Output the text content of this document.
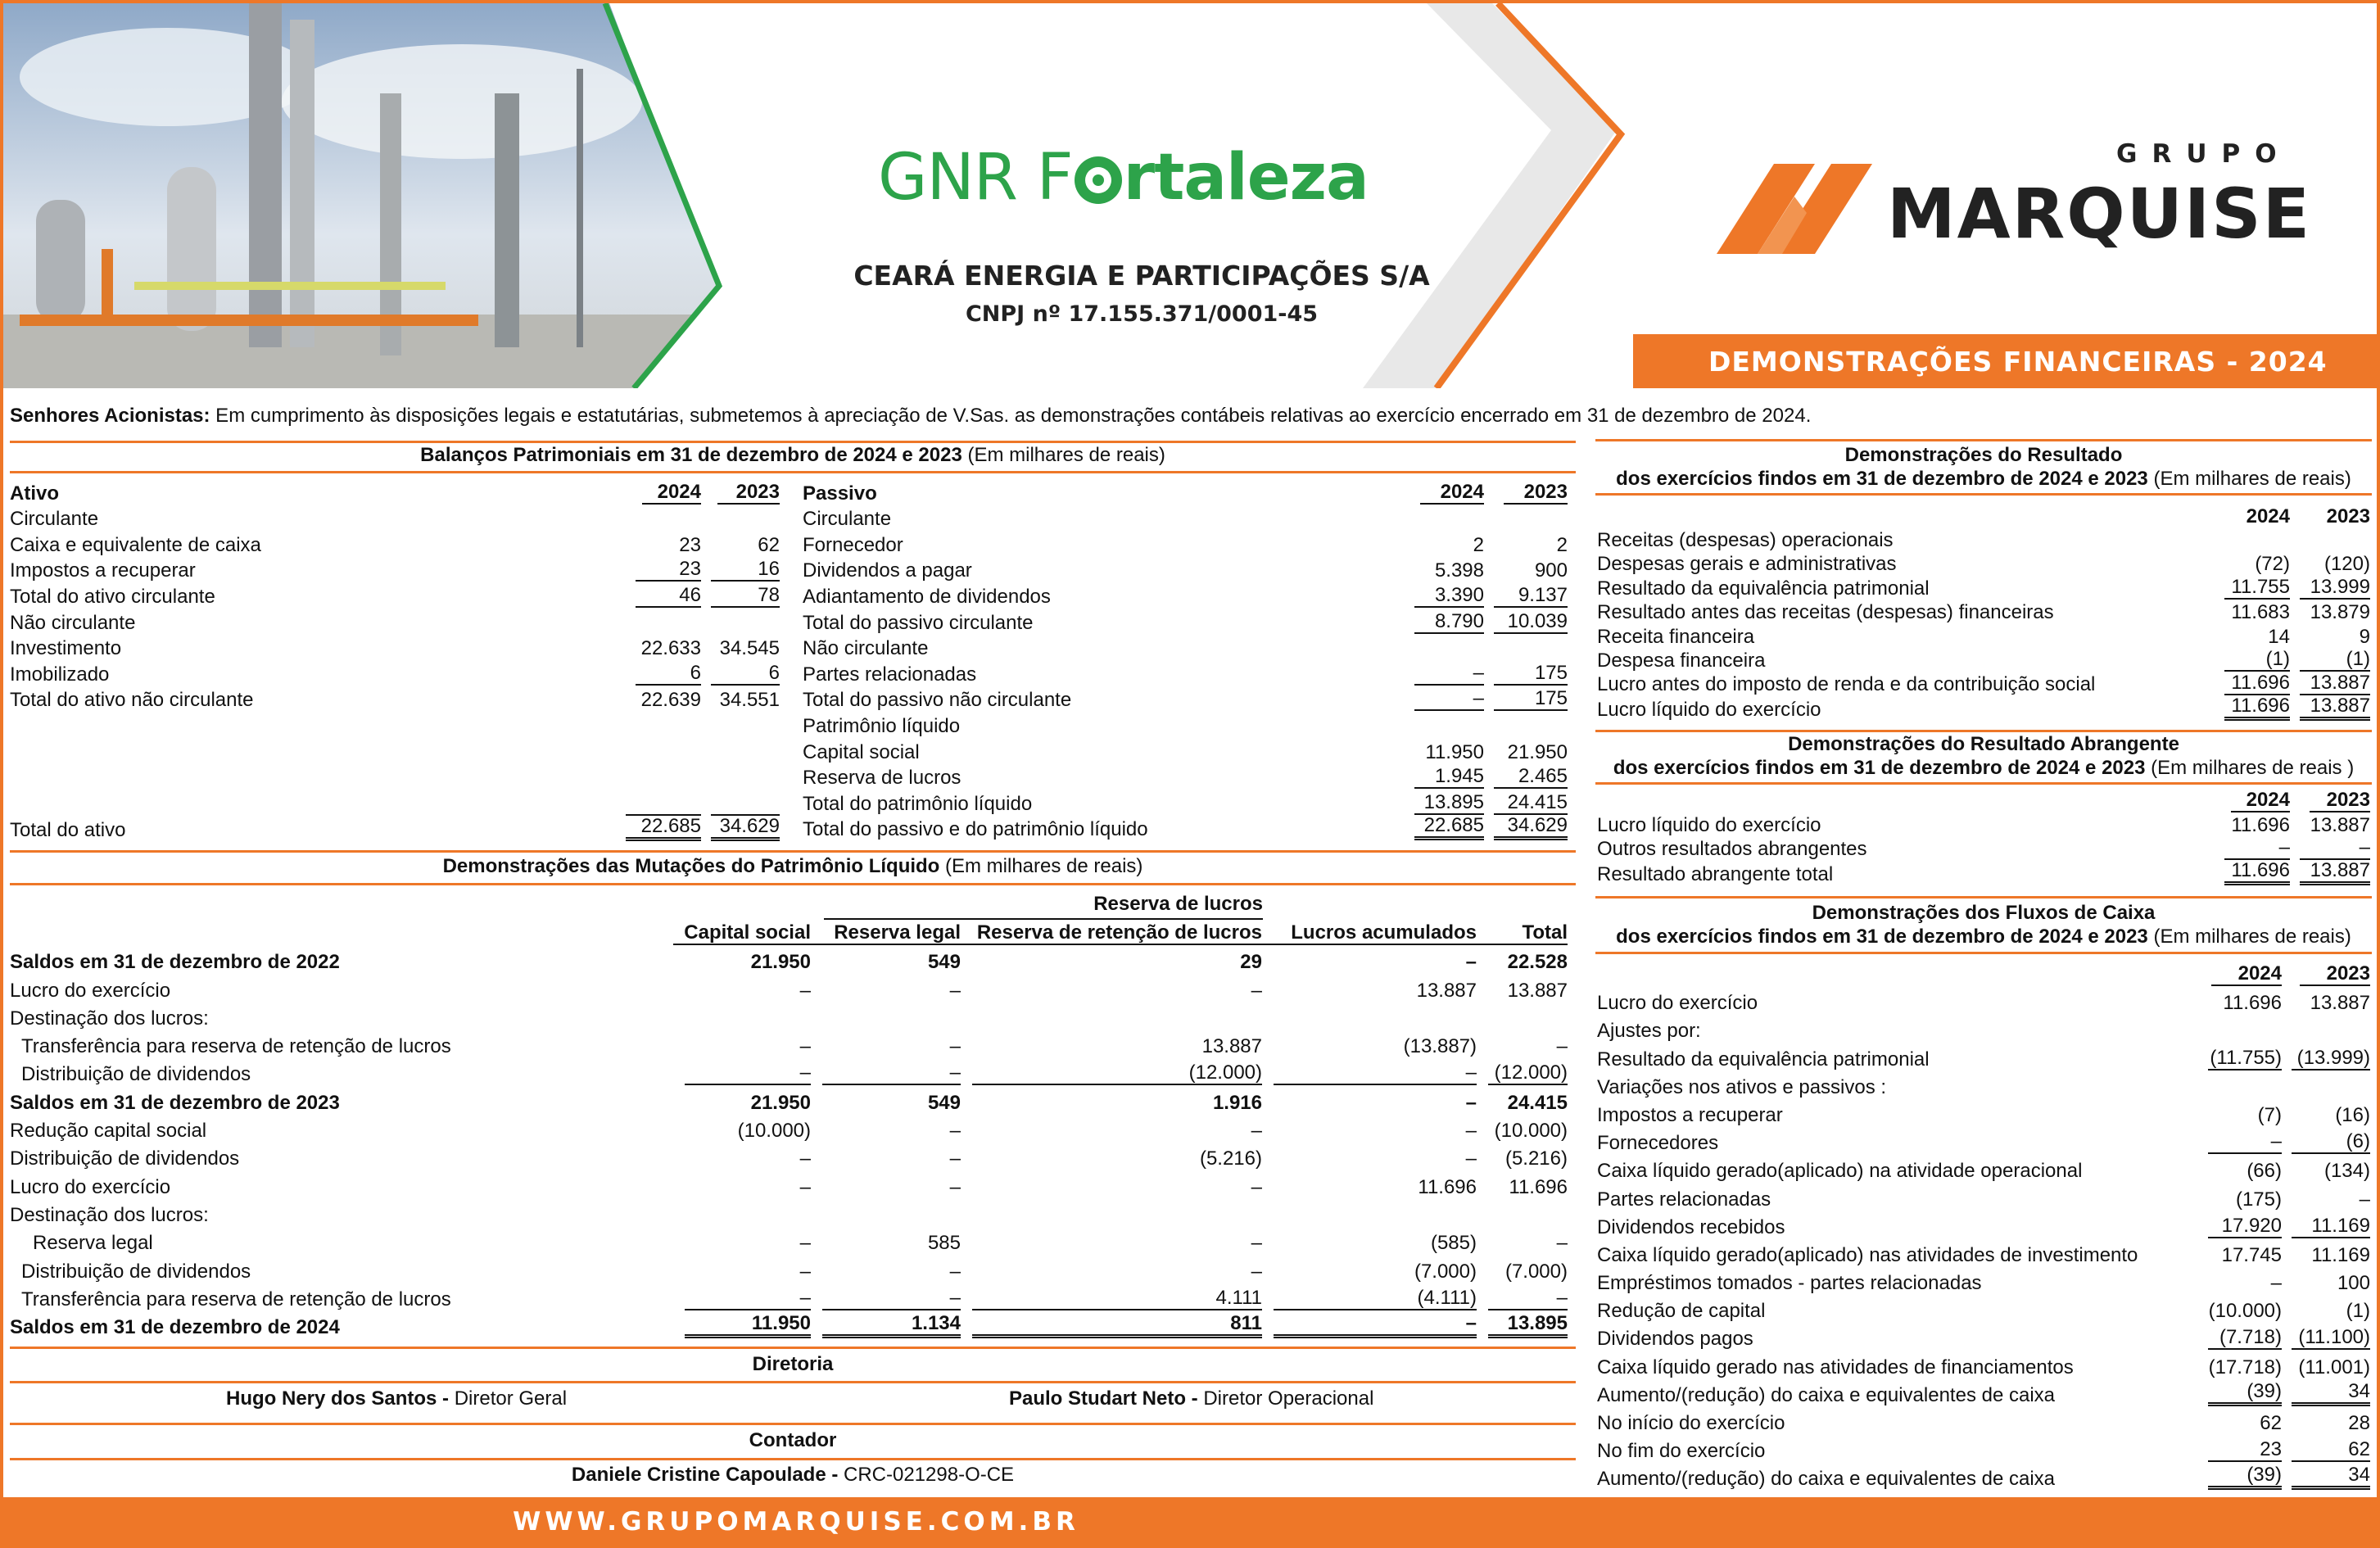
GNR F rtaleza
CEARÁ ENERGIA E PARTICIPAÇÕES S/A
CNPJ nº 17.155.371/0001-45
GRUPO
MARQUISE
DEMONSTRAÇÕES FINANCEIRAS - 2024
Senhores Acionistas: Em cumprimento às disposições legais e estatutárias, submetemos à apreciação de V.Sas. as demonstrações contábeis relativas ao exercício encerrado em 31 de dezembro de 2024.
Balanços Patrimoniais em 31 de dezembro de 2024 e 2023 (Em milhares de reais)
Ativo	2024	2023
Circulante		
Caixa e equivalente de caixa	23	62
Impostos a recuperar	23	16
Total do ativo circulante	46	78
Não circulante		
Investimento	22.633	34.545
Imobilizado	6	6
Total do ativo não circulante	22.639	34.551
Passivo	2024	2023
Circulante		
Fornecedor	2	2
Dividendos a pagar	5.398	900
Adiantamento de dividendos	3.390	9.137
Total do passivo circulante	8.790	10.039
Não circulante		
Partes relacionadas	–	175
Total do passivo não circulante	–	175
Patrimônio líquido		
Capital social	11.950	21.950
Reserva de lucros	1.945	2.465
Total do patrimônio líquido	13.895	24.415
Total do passivo e do patrimônio líquido	22.685	34.629
Total do ativo	22.685	34.629
Demonstrações das Mutações do Patrimônio Líquido (Em milhares de reais)
Reserva de lucros
	Capital social	Reserva legal	Reserva de retenção de lucros	Lucros acumulados	Total
Saldos em 31 de dezembro de 2022	21.950	549	29	–	22.528
Lucro do exercício	–	–	–	13.887	13.887
Destinação dos lucros:					
Transferência para reserva de retenção de lucros	–	–	13.887	(13.887)	–
Distribuição de dividendos	–	–	(12.000)	–	(12.000)
Saldos em 31 de dezembro de 2023	21.950	549	1.916	–	24.415
Redução capital social	(10.000)	–	–	–	(10.000)
Distribuição de dividendos	–	–	(5.216)	–	(5.216)
Lucro do exercício	–	–	–	11.696	11.696
Destinação dos lucros:					
Reserva legal	–	585	–	(585)	–
Distribuição de dividendos	–	–	–	(7.000)	(7.000)
Transferência para reserva de retenção de lucros	–	–	4.111	(4.111)	–
Saldos em 31 de dezembro de 2024	11.950	1.134	811	–	13.895
Diretoria
Hugo Nery dos Santos - Diretor Geral	Paulo Studart Neto - Diretor Operacional
Contador
Daniele Cristine Capoulade - CRC-021298-O-CE
Demonstrações do Resultado
dos exercícios findos em 31 de dezembro de 2024 e 2023 (Em milhares de reais)
	2024	2023
Receitas (despesas) operacionais		
Despesas gerais e administrativas	(72)	(120)
Resultado da equivalência patrimonial	11.755	13.999
Resultado antes das receitas (despesas) financeiras	11.683	13.879
Receita financeira	14	9
Despesa financeira	(1)	(1)
Lucro antes do imposto de renda e da contribuição social	11.696	13.887
Lucro líquido do exercício	11.696	13.887
Demonstrações do Resultado Abrangente
dos exercícios findos em 31 de dezembro de 2024 e 2023 (Em milhares de reais )
	2024	2023
Lucro líquido do exercício	11.696	13.887
Outros resultados abrangentes	–	–
Resultado abrangente total	11.696	13.887
Demonstrações dos Fluxos de Caixa
dos exercícios findos em 31 de dezembro de 2024 e 2023 (Em milhares de reais)
	2024	2023
Lucro do exercício	11.696	13.887
Ajustes por:		
Resultado da equivalência patrimonial	(11.755)	(13.999)
Variações nos ativos e passivos :		
Impostos a recuperar	(7)	(16)
Fornecedores	–	(6)
Caixa líquido gerado(aplicado) na atividade operacional	(66)	(134)
Partes relacionadas	(175)	–
Dividendos recebidos	17.920	11.169
Caixa líquido gerado(aplicado) nas atividades de investimento	17.745	11.169
Empréstimos tomados - partes relacionadas	–	100
Redução de capital	(10.000)	(1)
Dividendos pagos	(7.718)	(11.100)
Caixa líquido gerado nas atividades de financiamentos	(17.718)	(11.001)
Aumento/(redução) do caixa e equivalentes de caixa	(39)	34
No início do exercício	62	28
No fim do exercício	23	62
Aumento/(redução) do caixa e equivalentes de caixa	(39)	34
WWW.GRUPOMARQUISE.COM.BR
